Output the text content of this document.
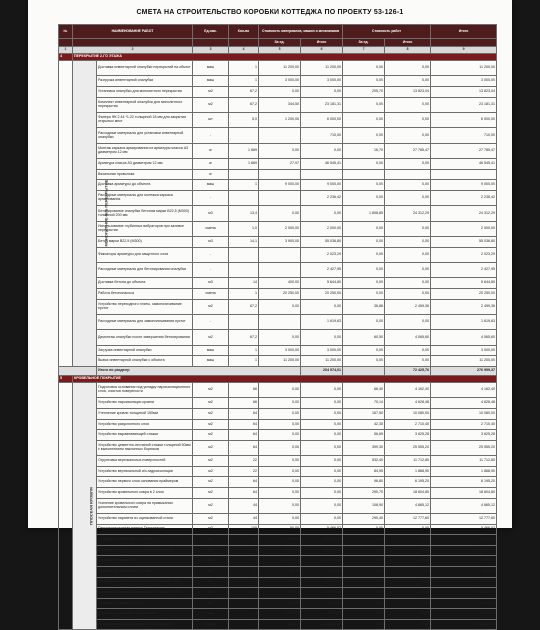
СМЕТА НА СТРОИТЕЛЬСТВО КОРОБКИ КОТТЕДЖА ПО ПРОЕКТУ 53-126-1
№	НАИМЕНОВАНИЕ РАБОТ		Ед.изм.	Кол-во	Стоимость материалов, машин и механизмов		Стоимость работ		Итого
					За ед.	Итого	За ед.	Итого	
1	2		3	4	5	6	7	8	9
4	ПЕРЕКРЫТИЕ 2-ГО ЭТАЖА								
	МОНОЛИТНОЕ Ж/Б ПЕРЕКРЫТИЕ	Доставка инвентарной опалубки перекрытий на объект	маш	1	11 200,00	11 200,00	0,00	0,00	11 200,00
		Разгрузка инвентарной опалубки	маш	1	3 000,00	3 000,00	0,00	0,00	3 000,00
		Установка опалубки для монолитного перекрытия	м2	67,2	0,00	0,00	205,70	13 823,04	13 823,04
		Комплект инвентарной опалубки для монолитного перекрытия	м2	67,2	344,50	23 181,31	0,00	0,00	23 181,31
		Фанера ФК 2.44 *1.22 толщиной 18 мм для закрытия открытых мест	шт	5,0	1 200,00	6 000,00	0,00	0,00	6 000,00
		Расходные материалы для установки инвентарной опалубки	-			710,00	0,00	0,00	710,00
		Монтаж каркаса армирования из арматуры класса А3 диаметром 12 мм	кг	1 669	0,00	0,00	16,70	27 785,47	27 785,47
		Арматура класса А3 диаметром 12 мм	кг	1 669	27,97	46 545,41	0,00	0,00	46 545,41
		Вязальная проволока	кг						
		Доставка арматуры до объекта	маш	1	9 000,00	9 000,00	0,00	0,00	9 000,00
		Расходные материалы для монтажа каркаса армирования	-			2 236,42	0,00	0,00	2 236,42
		Бетонирование опалубки бетоном марки В22,5 (М300) толщиной 200 мм	м3	13,4	0,00	0,00	1 808,85	24 312,29	24 312,29
		Использование глубинных вибраторов при заливке перекрытия	смена	1,0	2 000,00	2 000,00	0,00	0,00	2 000,00
		Бетон марки В22,5 (М300)	м3	14,1	3 900,00	55 036,80	0,00	0,00	55 036,80
		Фиксаторы арматуры для защитного слоя	-			2 023,29	0,00	0,00	2 023,29
		Расходные материалы для бетонирования опалубки	-			2 427,95	0,00	0,00	2 427,95
		Доставка бетона до объекта	м3	14	400,00	5 644,80	0,00	0,00	5 644,80
		Работа бетононасоса	смена	1	20 250,00	20 250,00	0,00	0,00	20 250,00
		Устройство переходного плиты, замоноличивание пустот	м2	67,2	0,00	0,00	36,88	2 459,36	2 459,36
		Расходные материалы для замоноличивания пустот	-			1 619,63	0,00	0,00	1 619,63
		Демонтаж опалубки после завершения бетонирования	м2	67,2	0,00	0,00	60,50	4 065,60	4 065,60
		Загрузка инвентарной опалубки	маш	1	3 000,00	3 000,00	0,00	0,00	3 000,00
		Вывоз инвентарной опалубки с объекта	маш	1	11 200,00	11 200,00	0,00	0,00	11 200,00
		Итого по разделу:				204 974,01		72 425,76	276 999,37
5	КРОВЕЛЬНОЕ ПОКРЫТИЕ								
	ПЛОСКАЯ КРОВЛЯ	Подготовка основания под укладку пароизоляционного слоя, очистка поверхности	м2	66	0,00	0,00	66,40	4 162,40	4 162,40
		Устройство пароизоляции кровли	м2	66	0,00	0,00	70,14	4 628,48	4 628,48
		Утепление кровли толщиной 150мм	м2	64	0,00	0,00	167,50	10 080,00	10 080,00
		Устройство разуклонного слоя	м2	64	0,00	0,00	42,35	2 710,40	2 710,40
		Устройство выравнивающей стяжки	м2	64	0,00	0,00	56,65	3 625,28	3 625,28
		Устройство цементно-песчаной стяжки толщиной 50мм с выполнением наклонных бортиков	м2	64	0,00	0,00	399,30	25 555,20	25 555,20
		Огрунтовка вертикальных поверхностей	м2	22	0,00	0,00	532,40	11 712,80	11 712,80
		Устройство вертикальной и/з-гидроизоляции	м2	22	0,00	0,00	84,95	1 868,90	1 868,90
		Устройство первого слоя основания праймером	м2	64	0,00	0,00	96,80	6 195,20	6 195,20
		Устройство кровельного ковра в 2 слоя	м2	64	0,00	0,00	290,70	18 604,80	18 604,80
		Усиление кровельного ковра на примыкании дополнительным слоем	м2	44	0,00	0,00	108,90	4 665,12	4 665,12
		Устройство парапета из оцинкованной стали	м2	44	0,00	0,00	290,40	12 777,60	12 777,60
		Пароизоляционная пленка Технониколь	м2	105	50,00	5 466,57	0,00	0,00	5 466,57
		Утеплитель ТехноРуф 45 100 мм	м3	13	4 665,00	61 825,63	0,00	0,00	61 825,63
		Добавка ТехноРуф для уклонных элементов	м3	4	5 685,00	20 281,12	0,00	0,00	20 281,12
		Доставка утеплителя	маш	1	7 000,00	7 000,00	0,00	0,00	7 000,00
		Пленка ПВХ, толщиной 200 мкм	м2	77	25,00	1 925,00	0,00	0,00	1 925,00
		Битумно-полимерный материал Техноэласт ЭКП	м2	77	260,00	17 027,52	0,00	0,00	17 027,52
		Битумно-полимерный материал Техноэласт ЭПП	м2	77	200,00	15 891,50	0,00	0,00	15 891,50
		Праймер битумный 01, 20л	шт	2	1 210,00	2 420,00	0,00	0,00	2 420,00
		Доставка кровельных материалов	маш	1	3 500,00	3 500,00	0,00	0,00	3 500,00
		Универсальная сухая смесь М-150 "Этална"	мешок	74	210,00	15 540,00	0,00	0,00	15 540,00
